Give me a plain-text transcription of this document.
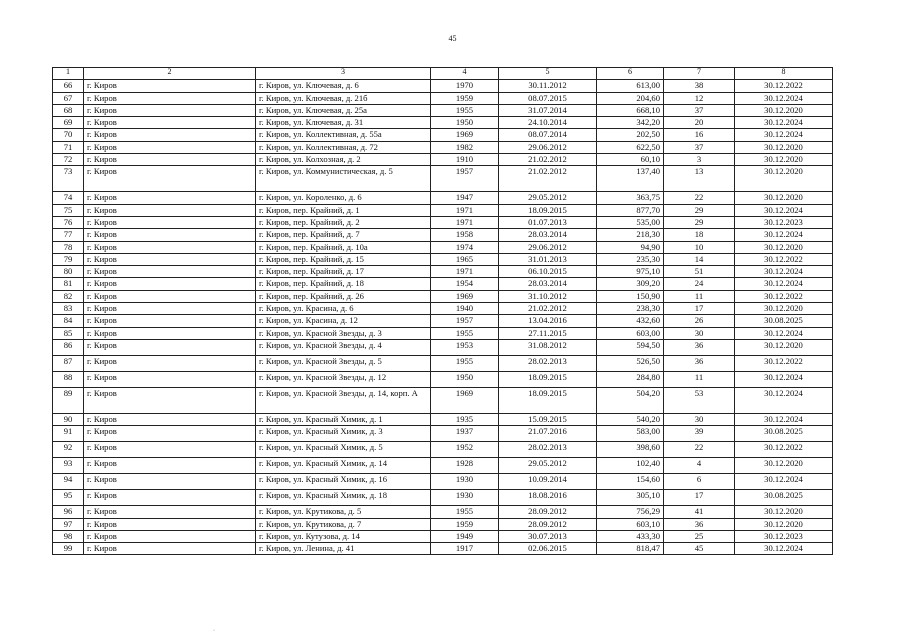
45
1	2	3	4	5	6	7	8
66	г. Киров	г. Киров, ул. Ключевая, д. 6	1970	30.11.2012	613,00	38	30.12.2022
67	г. Киров	г. Киров, ул. Ключевая, д. 21б	1959	08.07.2015	204,60	12	30.12.2024
68	г. Киров	г. Киров, ул. Ключевая, д. 25а	1955	31.07.2014	668,10	37	30.12.2020
69	г. Киров	г. Киров, ул. Ключевая, д. 31	1950	24.10.2014	342,20	20	30.12.2024
70	г. Киров	г. Киров, ул. Коллективная, д. 55а	1969	08.07.2014	202,50	16	30.12.2024
71	г. Киров	г. Киров, ул. Коллективная, д. 72	1982	29.06.2012	622,50	37	30.12.2020
72	г. Киров	г. Киров, ул. Колхозная, д. 2	1910	21.02.2012	60,10	3	30.12.2020
73	г. Киров	г. Киров, ул. Коммунистическая, д. 5	1957	21.02.2012	137,40	13	30.12.2020
74	г. Киров	г. Киров, ул. Короленко, д. 6	1947	29.05.2012	363,75	22	30.12.2020
75	г. Киров	г. Киров, пер. Крайний, д. 1	1971	18.09.2015	877,70	29	30.12.2024
76	г. Киров	г. Киров, пер. Крайний, д. 2	1971	01.07.2013	535,00	29	30.12.2023
77	г. Киров	г. Киров, пер. Крайний, д. 7	1958	28.03.2014	218,30	18	30.12.2024
78	г. Киров	г. Киров, пер. Крайний, д. 10а	1974	29.06.2012	94,90	10	30.12.2020
79	г. Киров	г. Киров, пер. Крайний, д. 15	1965	31.01.2013	235,30	14	30.12.2022
80	г. Киров	г. Киров, пер. Крайний, д. 17	1971	06.10.2015	975,10	51	30.12.2024
81	г. Киров	г. Киров, пер. Крайний, д. 18	1954	28.03.2014	309,20	24	30.12.2024
82	г. Киров	г. Киров, пер. Крайний, д. 26	1969	31.10.2012	150,90	11	30.12.2022
83	г. Киров	г. Киров, ул. Красина, д. 6	1940	21.02.2012	238,30	17	30.12.2020
84	г. Киров	г. Киров, ул. Красина, д. 12	1957	13.04.2016	432,60	26	30.08.2025
85	г. Киров	г. Киров, ул. Красной Звезды, д. 3	1955	27.11.2015	603,00	30	30.12.2024
86	г. Киров	г. Киров, ул. Красной Звезды, д. 4	1953	31.08.2012	594,50	36	30.12.2020
87	г. Киров	г. Киров, ул. Красной Звезды, д. 5	1955	28.02.2013	526,50	36	30.12.2022
88	г. Киров	г. Киров, ул. Красной Звезды, д. 12	1950	18.09.2015	284,80	11	30.12.2024
89	г. Киров	г. Киров, ул. Красной Звезды, д. 14, корп. А	1969	18.09.2015	504,20	53	30.12.2024
90	г. Киров	г. Киров, ул. Красный Химик, д. 1	1935	15.09.2015	540,20	30	30.12.2024
91	г. Киров	г. Киров, ул. Красный Химик, д. 3	1937	21.07.2016	583,00	39	30.08.2025
92	г. Киров	г. Киров, ул. Красный Химик, д. 5	1952	28.02.2013	398,60	22	30.12.2022
93	г. Киров	г. Киров, ул. Красный Химик, д. 14	1928	29.05.2012	102,40	4	30.12.2020
94	г. Киров	г. Киров, ул. Красный Химик, д. 16	1930	10.09.2014	154,60	6	30.12.2024
95	г. Киров	г. Киров, ул. Красный Химик, д. 18	1930	18.08.2016	305,10	17	30.08.2025
96	г. Киров	г. Киров, ул. Крутикова, д. 5	1955	28.09.2012	756,29	41	30.12.2020
97	г. Киров	г. Киров, ул. Крутикова, д. 7	1959	28.09.2012	603,10	36	30.12.2020
98	г. Киров	г. Киров, ул. Кутузова, д. 14	1949	30.07.2013	433,30	25	30.12.2023
99	г. Киров	г. Киров, ул. Ленина, д. 41	1917	02.06.2015	818,47	45	30.12.2024
·
